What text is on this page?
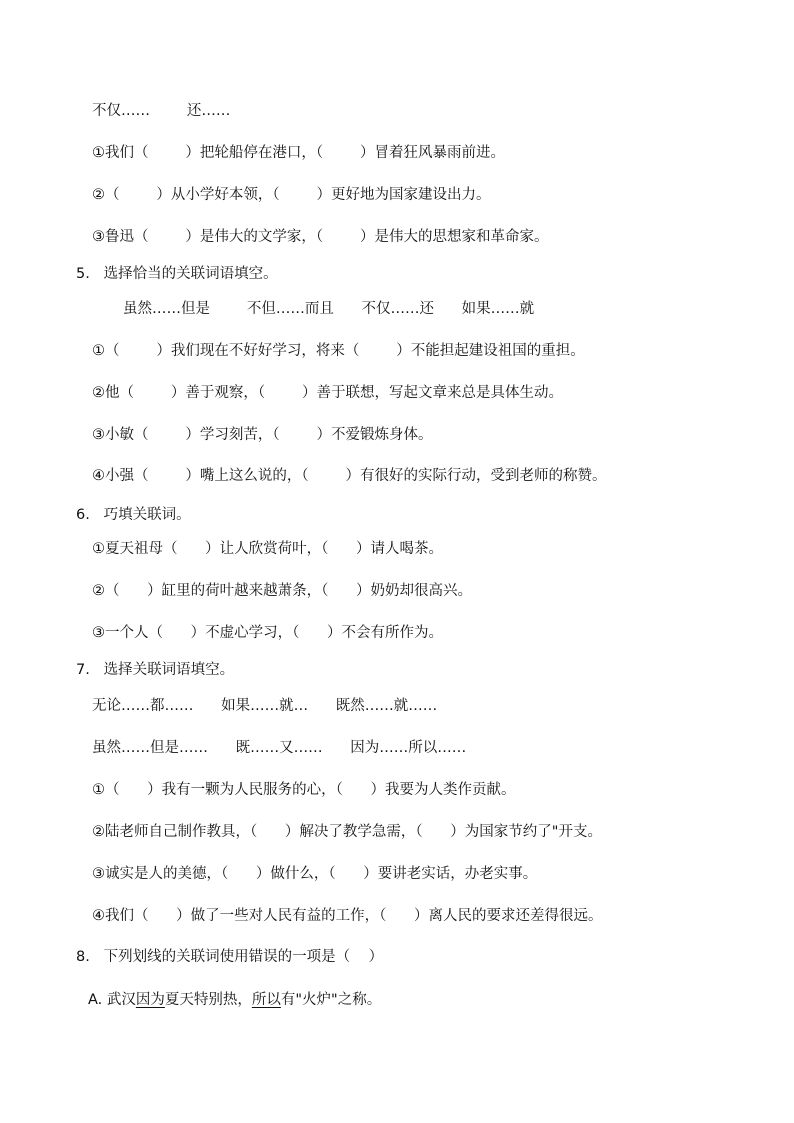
不仅……        还……
①我们（        ）把轮船停在港口，（        ）冒着狂风暴雨前进。
②（        ）从小学好本领，（        ）更好地为国家建设出力。
③鲁迅（        ）是伟大的文学家，（        ）是伟大的思想家和革命家。
5.   选择恰当的关联词语填空。
虽然……但是        不但……而且      不仅……还      如果……就
①（        ）我们现在不好好学习，将来（        ）不能担起建设祖国的重担。
②他（        ）善于观察，（        ）善于联想，写起文章来总是具体生动。
③小敏（        ）学习刻苦，（        ）不爱锻炼身体。
④小强（        ）嘴上这么说的，（        ）有很好的实际行动，受到老师的称赞。
6.   巧填关联词。
①夏天祖母（      ）让人欣赏荷叶，（      ）请人喝茶。
②（      ）缸里的荷叶越来越萧条，（      ）奶奶却很高兴。
③一个人（      ）不虚心学习，（      ）不会有所作为。
7.   选择关联词语填空。
无论……都……      如果……就…      既然……就……
虽然……但是……      既……又……      因为……所以……
①（      ）我有一颗为人民服务的心，（      ）我要为人类作贡献。
②陆老师自己制作教具，（      ）解决了教学急需，（      ）为国家节约了"开支。
③诚实是人的美德，（      ）做什么，（      ）要讲老实话，办老实事。
④我们（      ）做了一些对人民有益的工作，（      ）离人民的要求还差得很远。
8.   下列划线的关联词使用错误的一项是（    ）
A. 武汉因为夏天特别热，所以有"火炉"之称。
